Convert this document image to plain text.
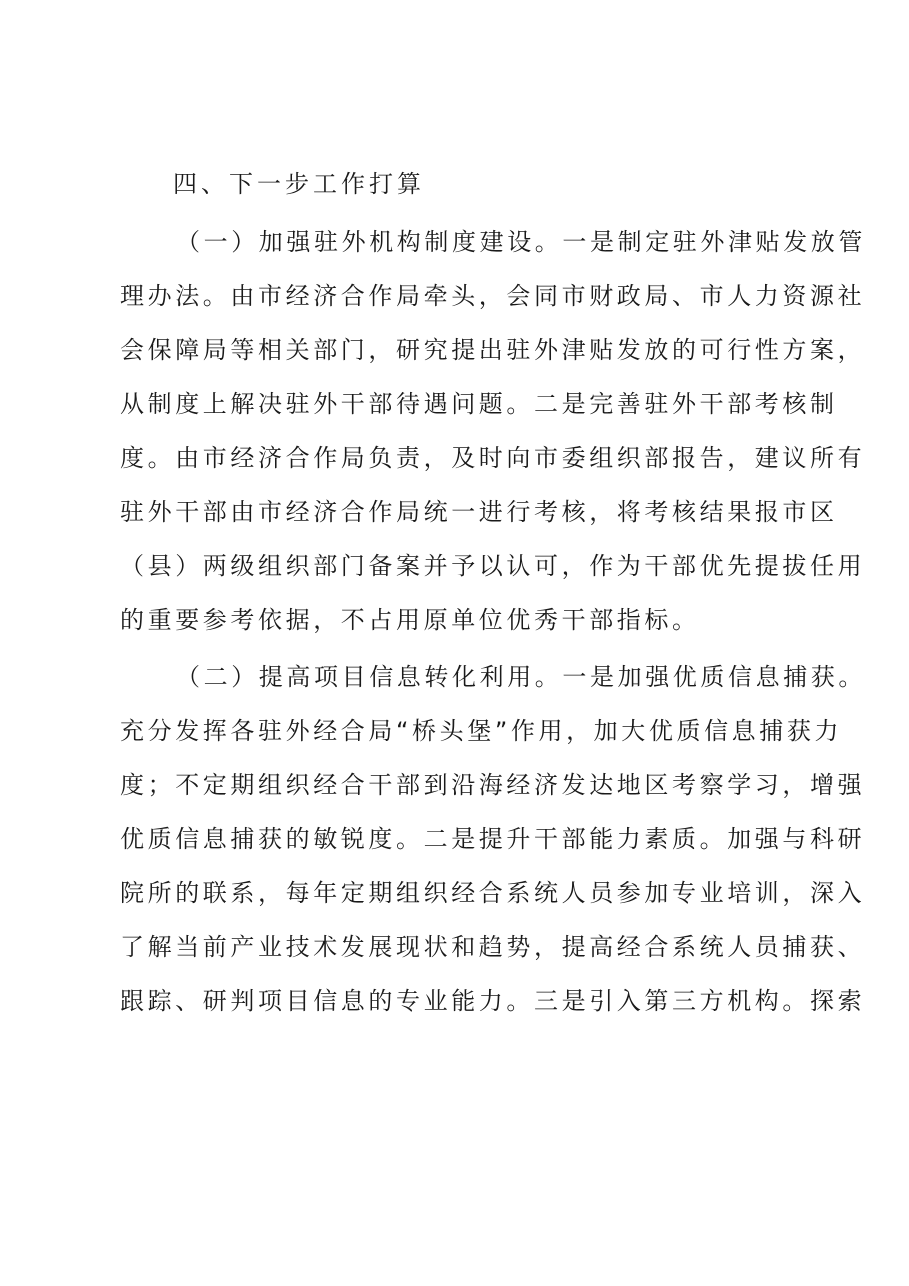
四、下一步工作打算
（一）加强驻外机构制度建设。一是制定驻外津贴发放管
理办法。由市经济合作局牵头，会同市财政局、市人力资源社
会保障局等相关部门，研究提出驻外津贴发放的可行性方案，
从制度上解决驻外干部待遇问题。二是完善驻外干部考核制
度。由市经济合作局负责，及时向市委组织部报告，建议所有
驻外干部由市经济合作局统一进行考核，将考核结果报市区
（县）两级组织部门备案并予以认可，作为干部优先提拔任用
的重要参考依据，不占用原单位优秀干部指标。
（二）提高项目信息转化利用。一是加强优质信息捕获。
充分发挥各驻外经合局“桥头堡”作用，加大优质信息捕获力
度；不定期组织经合干部到沿海经济发达地区考察学习，增强
优质信息捕获的敏锐度。二是提升干部能力素质。加强与科研
院所的联系，每年定期组织经合系统人员参加专业培训，深入
了解当前产业技术发展现状和趋势，提高经合系统人员捕获、
跟踪、研判项目信息的专业能力。三是引入第三方机构。探索
